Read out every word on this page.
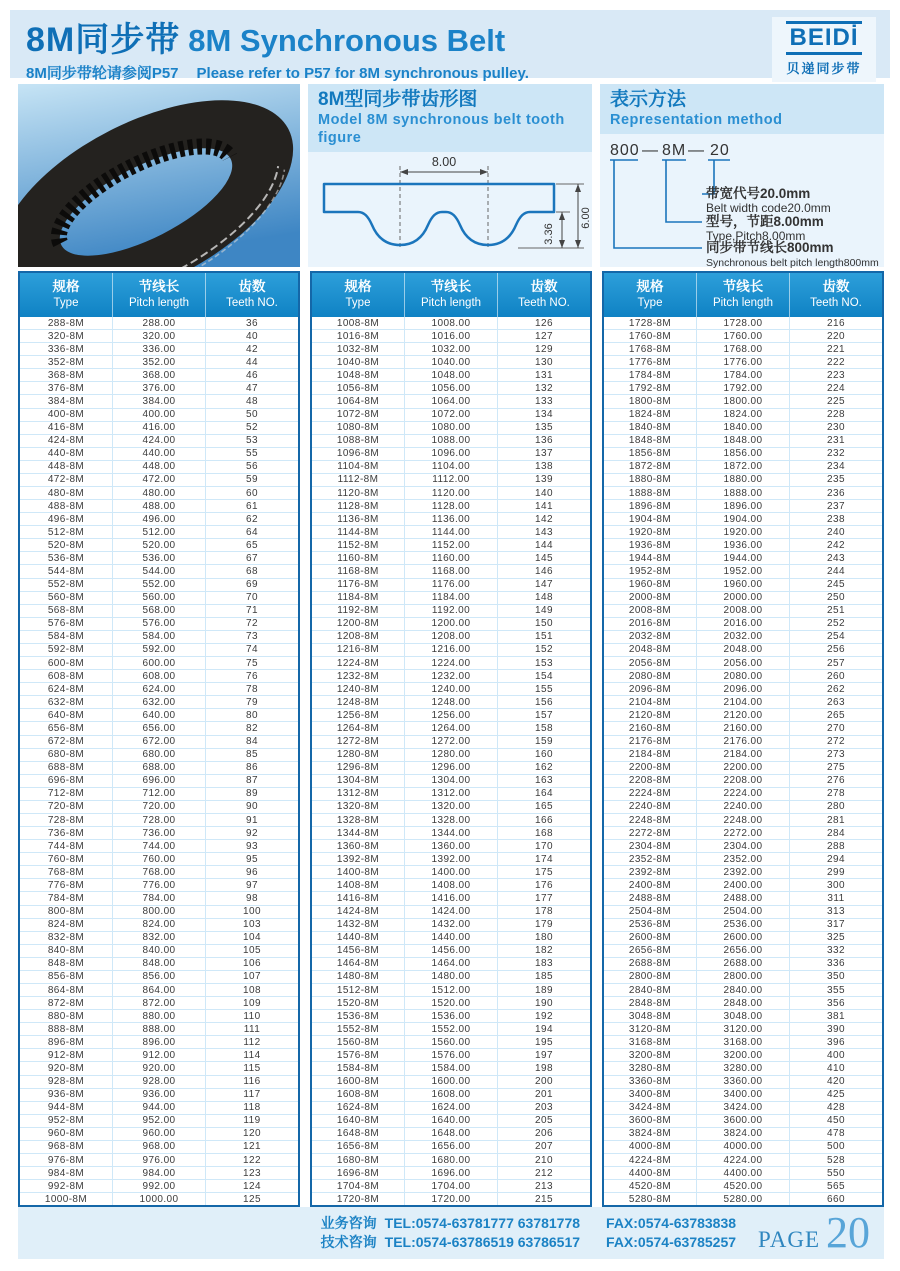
8M同步带 8M Synchronous Belt
8M同步带轮请参阅P57 Please refer to P57 for 8M synchronous pulley.
BEIDİ
贝递同步带
8M型同步带齿形图
Model 8M synchronous belt tooth figure
8.00
3.36
6.00
表示方法
Representation method
800 — 8M — 20
带宽代号20.0mm
Belt width code20.0mm
型号，节距8.00mm
Type,Pitch8.00mm
同步带节线长800mm
Synchronous belt pitch length800mm
规格
Type
节线长
Pitch length
齿数
Teeth NO.
288-8M	288.00	36
320-8M	320.00	40
336-8M	336.00	42
352-8M	352.00	44
368-8M	368.00	46
376-8M	376.00	47
384-8M	384.00	48
400-8M	400.00	50
416-8M	416.00	52
424-8M	424.00	53
440-8M	440.00	55
448-8M	448.00	56
472-8M	472.00	59
480-8M	480.00	60
488-8M	488.00	61
496-8M	496.00	62
512-8M	512.00	64
520-8M	520.00	65
536-8M	536.00	67
544-8M	544.00	68
552-8M	552.00	69
560-8M	560.00	70
568-8M	568.00	71
576-8M	576.00	72
584-8M	584.00	73
592-8M	592.00	74
600-8M	600.00	75
608-8M	608.00	76
624-8M	624.00	78
632-8M	632.00	79
640-8M	640.00	80
656-8M	656.00	82
672-8M	672.00	84
680-8M	680.00	85
688-8M	688.00	86
696-8M	696.00	87
712-8M	712.00	89
720-8M	720.00	90
728-8M	728.00	91
736-8M	736.00	92
744-8M	744.00	93
760-8M	760.00	95
768-8M	768.00	96
776-8M	776.00	97
784-8M	784.00	98
800-8M	800.00	100
824-8M	824.00	103
832-8M	832.00	104
840-8M	840.00	105
848-8M	848.00	106
856-8M	856.00	107
864-8M	864.00	108
872-8M	872.00	109
880-8M	880.00	110
888-8M	888.00	111
896-8M	896.00	112
912-8M	912.00	114
920-8M	920.00	115
928-8M	928.00	116
936-8M	936.00	117
944-8M	944.00	118
952-8M	952.00	119
960-8M	960.00	120
968-8M	968.00	121
976-8M	976.00	122
984-8M	984.00	123
992-8M	992.00	124
1000-8M	1000.00	125
规格
Type
节线长
Pitch length
齿数
Teeth NO.
1008-8M	1008.00	126
1016-8M	1016.00	127
1032-8M	1032.00	129
1040-8M	1040.00	130
1048-8M	1048.00	131
1056-8M	1056.00	132
1064-8M	1064.00	133
1072-8M	1072.00	134
1080-8M	1080.00	135
1088-8M	1088.00	136
1096-8M	1096.00	137
1104-8M	1104.00	138
1112-8M	1112.00	139
1120-8M	1120.00	140
1128-8M	1128.00	141
1136-8M	1136.00	142
1144-8M	1144.00	143
1152-8M	1152.00	144
1160-8M	1160.00	145
1168-8M	1168.00	146
1176-8M	1176.00	147
1184-8M	1184.00	148
1192-8M	1192.00	149
1200-8M	1200.00	150
1208-8M	1208.00	151
1216-8M	1216.00	152
1224-8M	1224.00	153
1232-8M	1232.00	154
1240-8M	1240.00	155
1248-8M	1248.00	156
1256-8M	1256.00	157
1264-8M	1264.00	158
1272-8M	1272.00	159
1280-8M	1280.00	160
1296-8M	1296.00	162
1304-8M	1304.00	163
1312-8M	1312.00	164
1320-8M	1320.00	165
1328-8M	1328.00	166
1344-8M	1344.00	168
1360-8M	1360.00	170
1392-8M	1392.00	174
1400-8M	1400.00	175
1408-8M	1408.00	176
1416-8M	1416.00	177
1424-8M	1424.00	178
1432-8M	1432.00	179
1440-8M	1440.00	180
1456-8M	1456.00	182
1464-8M	1464.00	183
1480-8M	1480.00	185
1512-8M	1512.00	189
1520-8M	1520.00	190
1536-8M	1536.00	192
1552-8M	1552.00	194
1560-8M	1560.00	195
1576-8M	1576.00	197
1584-8M	1584.00	198
1600-8M	1600.00	200
1608-8M	1608.00	201
1624-8M	1624.00	203
1640-8M	1640.00	205
1648-8M	1648.00	206
1656-8M	1656.00	207
1680-8M	1680.00	210
1696-8M	1696.00	212
1704-8M	1704.00	213
1720-8M	1720.00	215
规格
Type
节线长
Pitch length
齿数
Teeth NO.
1728-8M	1728.00	216
1760-8M	1760.00	220
1768-8M	1768.00	221
1776-8M	1776.00	222
1784-8M	1784.00	223
1792-8M	1792.00	224
1800-8M	1800.00	225
1824-8M	1824.00	228
1840-8M	1840.00	230
1848-8M	1848.00	231
1856-8M	1856.00	232
1872-8M	1872.00	234
1880-8M	1880.00	235
1888-8M	1888.00	236
1896-8M	1896.00	237
1904-8M	1904.00	238
1920-8M	1920.00	240
1936-8M	1936.00	242
1944-8M	1944.00	243
1952-8M	1952.00	244
1960-8M	1960.00	245
2000-8M	2000.00	250
2008-8M	2008.00	251
2016-8M	2016.00	252
2032-8M	2032.00	254
2048-8M	2048.00	256
2056-8M	2056.00	257
2080-8M	2080.00	260
2096-8M	2096.00	262
2104-8M	2104.00	263
2120-8M	2120.00	265
2160-8M	2160.00	270
2176-8M	2176.00	272
2184-8M	2184.00	273
2200-8M	2200.00	275
2208-8M	2208.00	276
2224-8M	2224.00	278
2240-8M	2240.00	280
2248-8M	2248.00	281
2272-8M	2272.00	284
2304-8M	2304.00	288
2352-8M	2352.00	294
2392-8M	2392.00	299
2400-8M	2400.00	300
2488-8M	2488.00	311
2504-8M	2504.00	313
2536-8M	2536.00	317
2600-8M	2600.00	325
2656-8M	2656.00	332
2688-8M	2688.00	336
2800-8M	2800.00	350
2840-8M	2840.00	355
2848-8M	2848.00	356
3048-8M	3048.00	381
3120-8M	3120.00	390
3168-8M	3168.00	396
3200-8M	3200.00	400
3280-8M	3280.00	410
3360-8M	3360.00	420
3400-8M	3400.00	425
3424-8M	3424.00	428
3600-8M	3600.00	450
3824-8M	3824.00	478
4000-8M	4000.00	500
4224-8M	4224.00	528
4400-8M	4400.00	550
4520-8M	4520.00	565
5280-8M	5280.00	660
业务咨询 TEL:0574-63781777 63781778 FAX:0574-63783838
技术咨询 TEL:0574-63786519 63786517 FAX:0574-63785257 PAGE 20
